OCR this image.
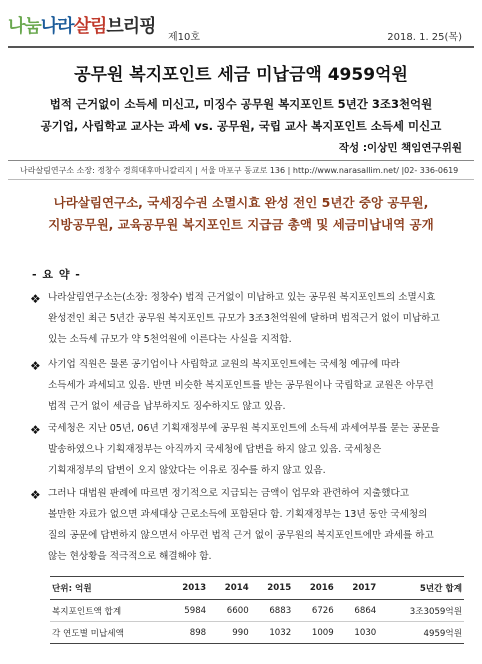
나눔 나라 살림 브리핑
제10호	2018. 1. 25(목)
공무원 복지포인트 세금 미납금액 4959억원
법적 근거없이 소득세 미신고, 미징수 공무원 복지포인트 5년간 3조3천억원
공기업, 사립학교 교사는 과세 vs. 공무원, 국립 교사 복지포인트 소득세 미신고
작성 :이상민 책임연구위원
나라살림연구소 소장: 정창수 경희대후마니칼리지 | 서울 마포구 동교로 136 | http://www.narasallim.net/ |02- 336-0619
나라살림연구소, 국세징수권 소멸시효 완성 전인 5년간 중앙 공무원,
지방공무원, 교육공무원 복지포인트 지급금 총액 및 세금미납내역 공개
- 요 약 -
❖ 나라살림연구소는(소장: 정창수) 법적 근거없이 미납하고 있는 공무원 복지포인트의 소멸시효
완성전인 최근 5년간 공무원 복지포인트 규모가 3조3천억원에 달하며 법적근거 없이 미납하고
있는 소득세 규모가 약 5천억원에 이른다는 사실을 지적함.
❖ 사기업 직원은 물론 공기업이나 사립학교 교원의 복지포인트에는 국세청 예규에 따라
소득세가 과세되고 있음. 반면 비슷한 복지포인트를 받는 공무원이나 국립학교 교원은 아무런
법적 근거 없이 세금을 납부하지도 징수하지도 않고 있음.
❖ 국세청은 지난 05년, 06년 기획재정부에 공무원 복지포인트에 소득세 과세여부를 묻는 공문을
발송하였으나 기획재정부는 아직까지 국세청에 답변을 하지 않고 있음. 국세청은
기획재정부의 답변이 오지 않았다는 이유로 징수를 하지 않고 있음.
❖ 그러나 대법원 판례에 따르면 정기적으로 지급되는 금액이 업무와 관련하여 지출했다고
볼만한 자료가 없으면 과세대상 근로소득에 포함된다 함. 기획재정부는 13년 동안 국세청의
질의 공문에 답변하지 않으면서 아무런 법적 근거 없이 공무원의 복지포인트에만 과세를 하고
않는 현상황을 적극적으로 해결해야 함.
단위: 억원	2013	2014	2015	2016	2017	5년간 합계
복지포인트액 합계	5984	6600	6883	6726	6864	3조3059억원
각 연도별 미납세액	898	990	1032	1009	1030	4959억원
